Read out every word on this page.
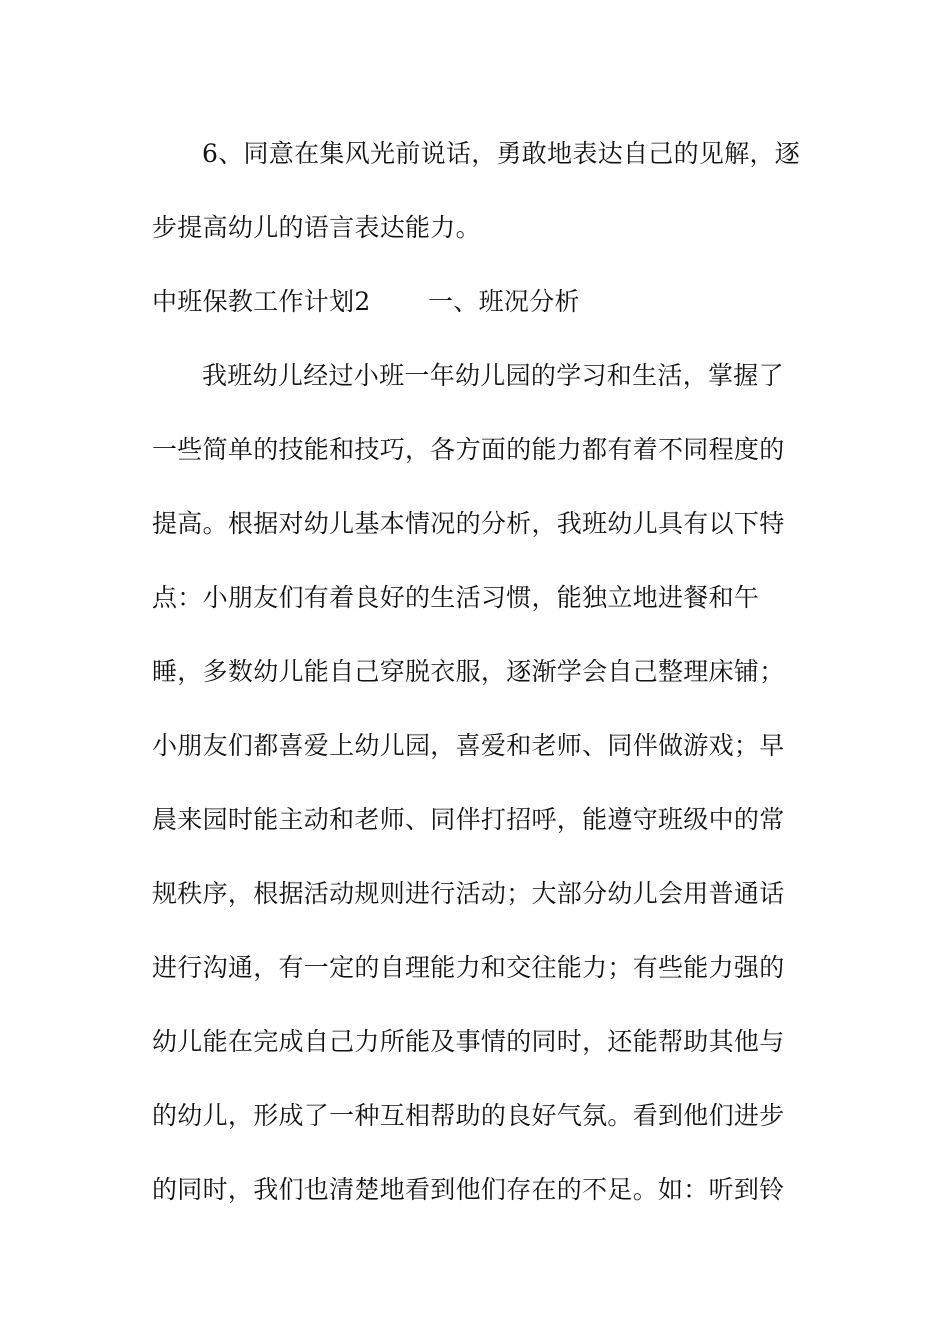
6、同意在集风光前说话，勇敢地表达自己的见解，逐
步提高幼儿的语言表达能力。
中班保教工作计划2 一、班况分析
我班幼儿经过小班一年幼儿园的学习和生活，掌握了
一些简单的技能和技巧，各方面的能力都有着不同程度的
提高。根据对幼儿基本情况的分析，我班幼儿具有以下特
点：小朋友们有着良好的生活习惯，能独立地进餐和午
睡，多数幼儿能自己穿脱衣服，逐渐学会自己整理床铺；
小朋友们都喜爱上幼儿园，喜爱和老师、同伴做游戏；早
晨来园时能主动和老师、同伴打招呼，能遵守班级中的常
规秩序，根据活动规则进行活动；大部分幼儿会用普通话
进行沟通，有一定的自理能力和交往能力；有些能力强的
幼儿能在完成自己力所能及事情的同时，还能帮助其他与
的幼儿，形成了一种互相帮助的良好气氛。看到他们进步
的同时，我们也清楚地看到他们存在的不足。如：听到铃
